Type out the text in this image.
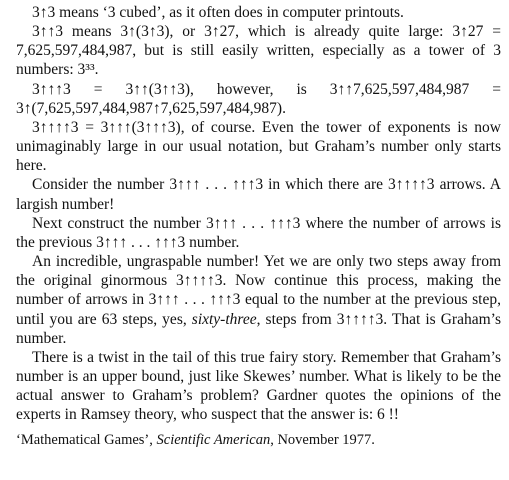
3↑3 means ‘3 cubed’, as it often does in computer printouts.

3↑↑3 means 3↑(3↑3), or 3↑27, which is already quite large: 3↑27 = 7,625,597,484,987, but is still easily written, especially as a tower of 3 numbers: 3³³.

3↑↑↑3 = 3↑↑(3↑↑3), however, is 3↑↑7,625,597,484,987 = 3↑(7,625,597,484,987↑7,625,597,484,987).

3↑↑↑↑3 = 3↑↑↑(3↑↑↑3), of course. Even the tower of exponents is now unimaginably large in our usual notation, but Graham’s number only starts here.

Consider the number 3↑↑↑ . . . ↑↑↑3 in which there are 3↑↑↑↑3 arrows. A largish number!

Next construct the number 3↑↑↑ . . . ↑↑↑3 where the number of arrows is the previous 3↑↑↑ . . . ↑↑↑3 number.

An incredible, ungraspable number! Yet we are only two steps away from the original ginormous 3↑↑↑↑3. Now continue this process, making the number of arrows in 3↑↑↑ . . . ↑↑↑3 equal to the number at the previous step, until you are 63 steps, yes, sixty-three, steps from 3↑↑↑↑3. That is Graham’s number.

There is a twist in the tail of this true fairy story. Remember that Graham’s number is an upper bound, just like Skewes’ number. What is likely to be the actual answer to Graham’s problem? Gardner quotes the opinions of the experts in Ramsey theory, who suspect that the answer is: 6 !!

‘Mathematical Games’, Scientific American, November 1977.
